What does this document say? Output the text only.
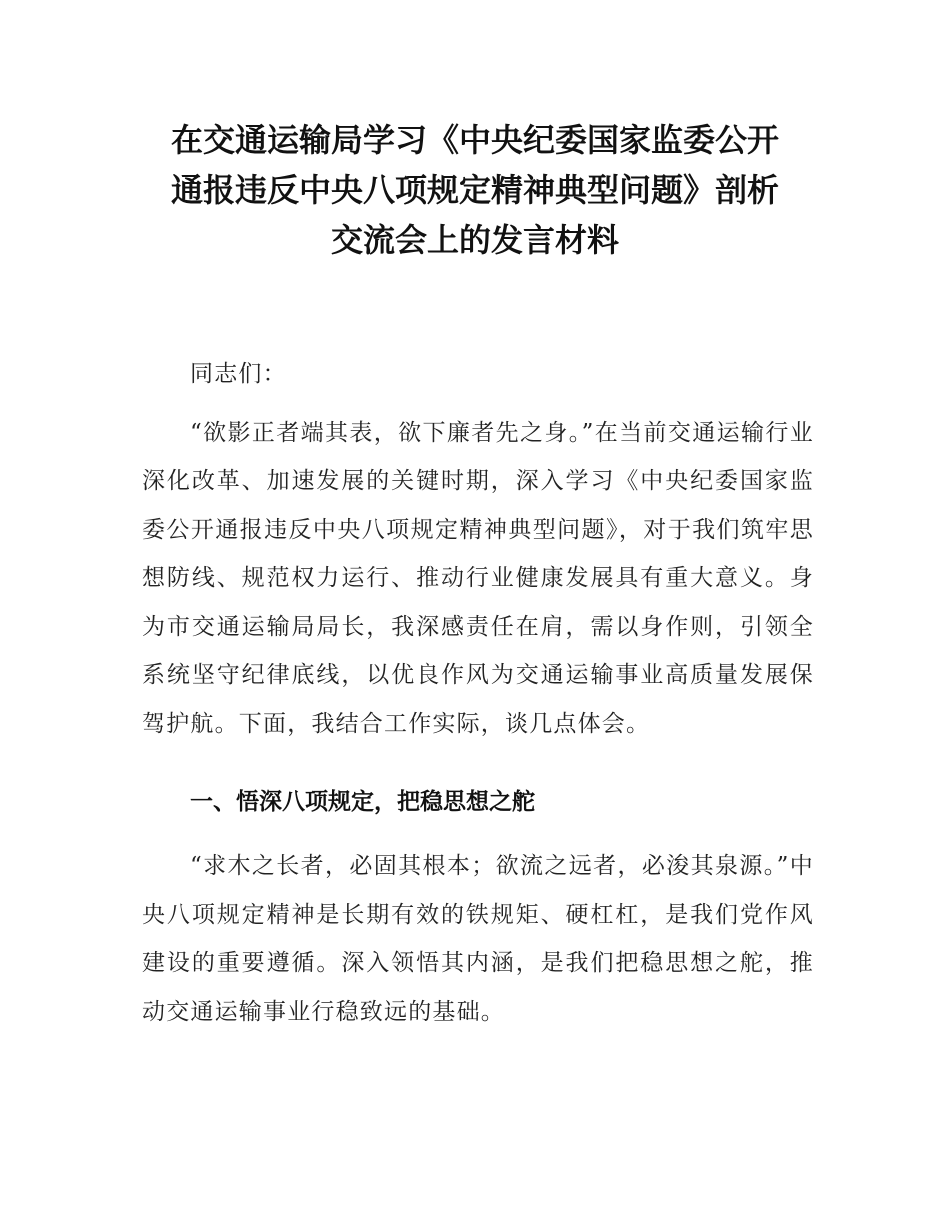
在交通运输局学习《中央纪委国家监委公开
通报违反中央八项规定精神典型问题》剖析
交流会上的发言材料

同志们：

“欲影正者端其表，欲下廉者先之身。”在当前交通运输行业深化改革、加速发展的关键时期，深入学习《中央纪委国家监委公开通报违反中央八项规定精神典型问题》，对于我们筑牢思想防线、规范权力运行、推动行业健康发展具有重大意义。身为市交通运输局局长，我深感责任在肩，需以身作则，引领全系统坚守纪律底线，以优良作风为交通运输事业高质量发展保驾护航。下面，我结合工作实际，谈几点体会。

一、悟深八项规定，把稳思想之舵

“求木之长者，必固其根本；欲流之远者，必浚其泉源。”中央八项规定精神是长期有效的铁规矩、硬杠杠，是我们党作风建设的重要遵循。深入领悟其内涵，是我们把稳思想之舵，推动交通运输事业行稳致远的基础。
